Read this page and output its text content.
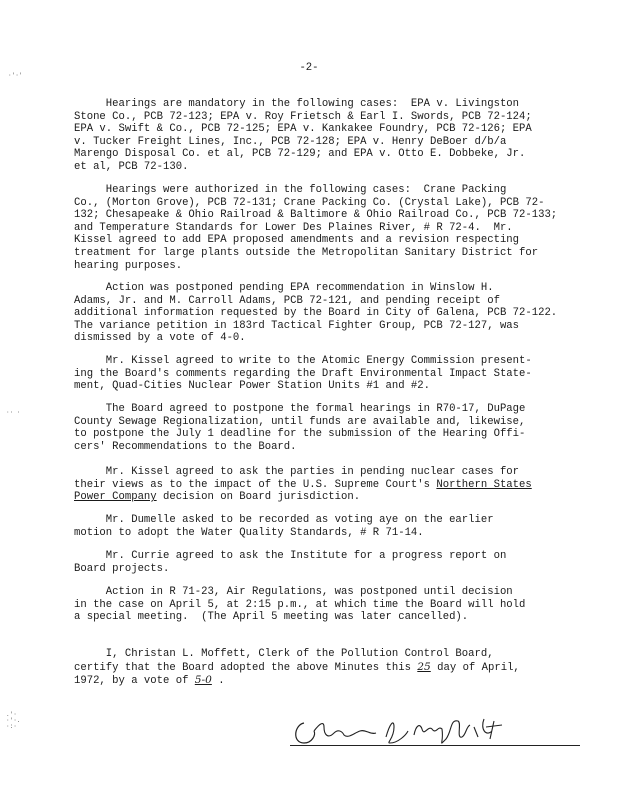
-2-

Hearings are mandatory in the following cases:  EPA v. Livingston
Stone Co., PCB 72-123; EPA v. Roy Frietsch & Earl I. Swords, PCB 72-124;
EPA v. Swift & Co., PCB 72-125; EPA v. Kankakee Foundry, PCB 72-126; EPA
v. Tucker Freight Lines, Inc., PCB 72-128; EPA v. Henry DeBoer d/b/a
Marengo Disposal Co. et al, PCB 72-129; and EPA v. Otto E. Dobbeke, Jr.
et al, PCB 72-130.

Hearings were authorized in the following cases:  Crane Packing
Co., (Morton Grove), PCB 72-131; Crane Packing Co. (Crystal Lake), PCB 72-
132; Chesapeake & Ohio Railroad & Baltimore & Ohio Railroad Co., PCB 72-133;
and Temperature Standards for Lower Des Plaines River, # R 72-4.  Mr.
Kissel agreed to add EPA proposed amendments and a revision respecting
treatment for large plants outside the Metropolitan Sanitary District for
hearing purposes.

Action was postponed pending EPA recommendation in Winslow H.
Adams, Jr. and M. Carroll Adams, PCB 72-121, and pending receipt of
additional information requested by the Board in City of Galena, PCB 72-122.
The variance petition in 183rd Tactical Fighter Group, PCB 72-127, was
dismissed by a vote of 4-0.

Mr. Kissel agreed to write to the Atomic Energy Commission present-
ing the Board's comments regarding the Draft Environmental Impact State-
ment, Quad-Cities Nuclear Power Station Units #1 and #2.

The Board agreed to postpone the formal hearings in R70-17, DuPage
County Sewage Regionalization, until funds are available and, likewise,
to postpone the July 1 deadline for the submission of the Hearing Offi-
cers' Recommendations to the Board.

Mr. Kissel agreed to ask the parties in pending nuclear cases for
their views as to the impact of the U.S. Supreme Court's Northern States
Power Company decision on Board jurisdiction.

Mr. Dumelle asked to be recorded as voting aye on the earlier
motion to adopt the Water Quality Standards, # R 71-14.

Mr. Currie agreed to ask the Institute for a progress report on
Board projects.

Action in R 71-23, Air Regulations, was postponed until decision
in the case on April 5, at 2:15 p.m., at which time the Board will hold
a special meeting.  (The April 5 meeting was later cancelled).

I, Christan L. Moffett, Clerk of the Pollution Control Board,
certify that the Board adopted the above Minutes this 25 day of April,
1972, by a vote of 5-0 .

·'·'
·· ·
.'·
·'·.
·:·
